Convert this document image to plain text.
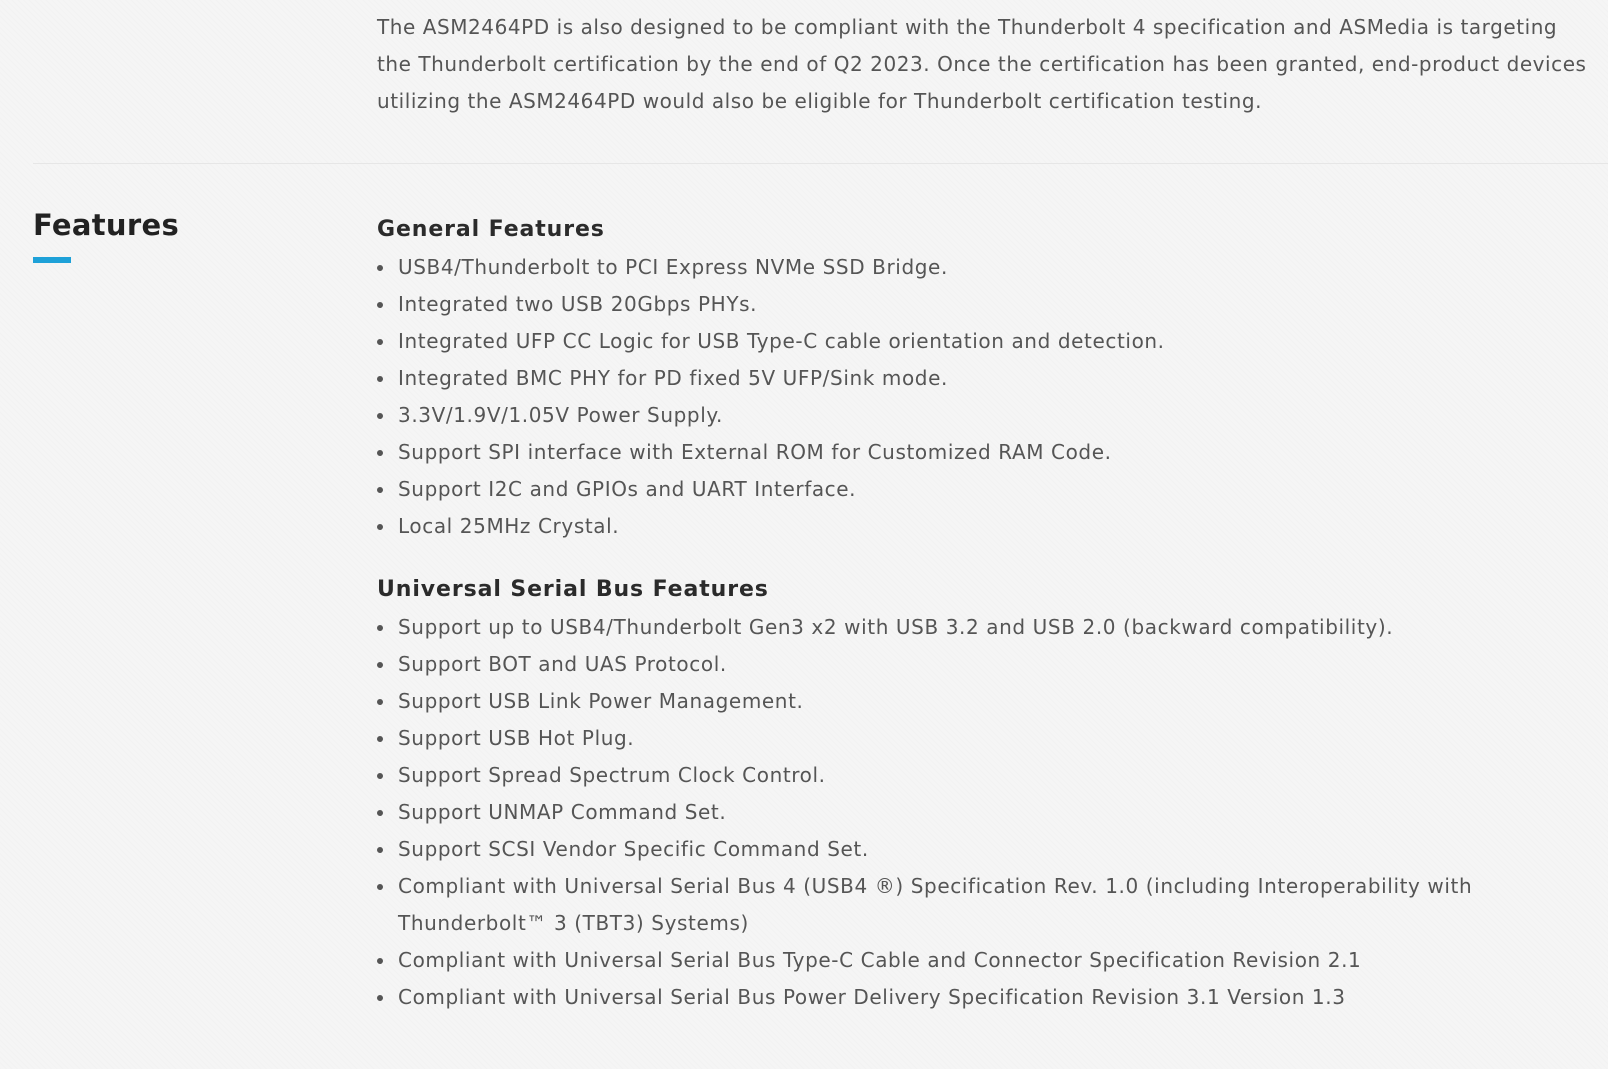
The ASM2464PD is also designed to be compliant with the Thunderbolt 4 specification and ASMedia is targeting the Thunderbolt certification by the end of Q2 2023. Once the certification has been granted, end-product devices utilizing the ASM2464PD would also be eligible for Thunderbolt certification testing.

Features	General Features
USB4/Thunderbolt to PCI Express NVMe SSD Bridge.
Integrated two USB 20Gbps PHYs.
Integrated UFP CC Logic for USB Type-C cable orientation and detection.
Integrated BMC PHY for PD fixed 5V UFP/Sink mode.
3.3V/1.9V/1.05V Power Supply.
Support SPI interface with External ROM for Customized RAM Code.
Support I2C and GPIOs and UART Interface.
Local 25MHz Crystal.
Universal Serial Bus Features
Support up to USB4/Thunderbolt Gen3 x2 with USB 3.2 and USB 2.0 (backward compatibility).
Support BOT and UAS Protocol.
Support USB Link Power Management.
Support USB Hot Plug.
Support Spread Spectrum Clock Control.
Support UNMAP Command Set.
Support SCSI Vendor Specific Command Set.
Compliant with Universal Serial Bus 4 (USB4 ®) Specification Rev. 1.0 (including Interoperability with Thunderbolt™ 3 (TBT3) Systems)
Compliant with Universal Serial Bus Type-C Cable and Connector Specification Revision 2.1
Compliant with Universal Serial Bus Power Delivery Specification Revision 3.1 Version 1.3
